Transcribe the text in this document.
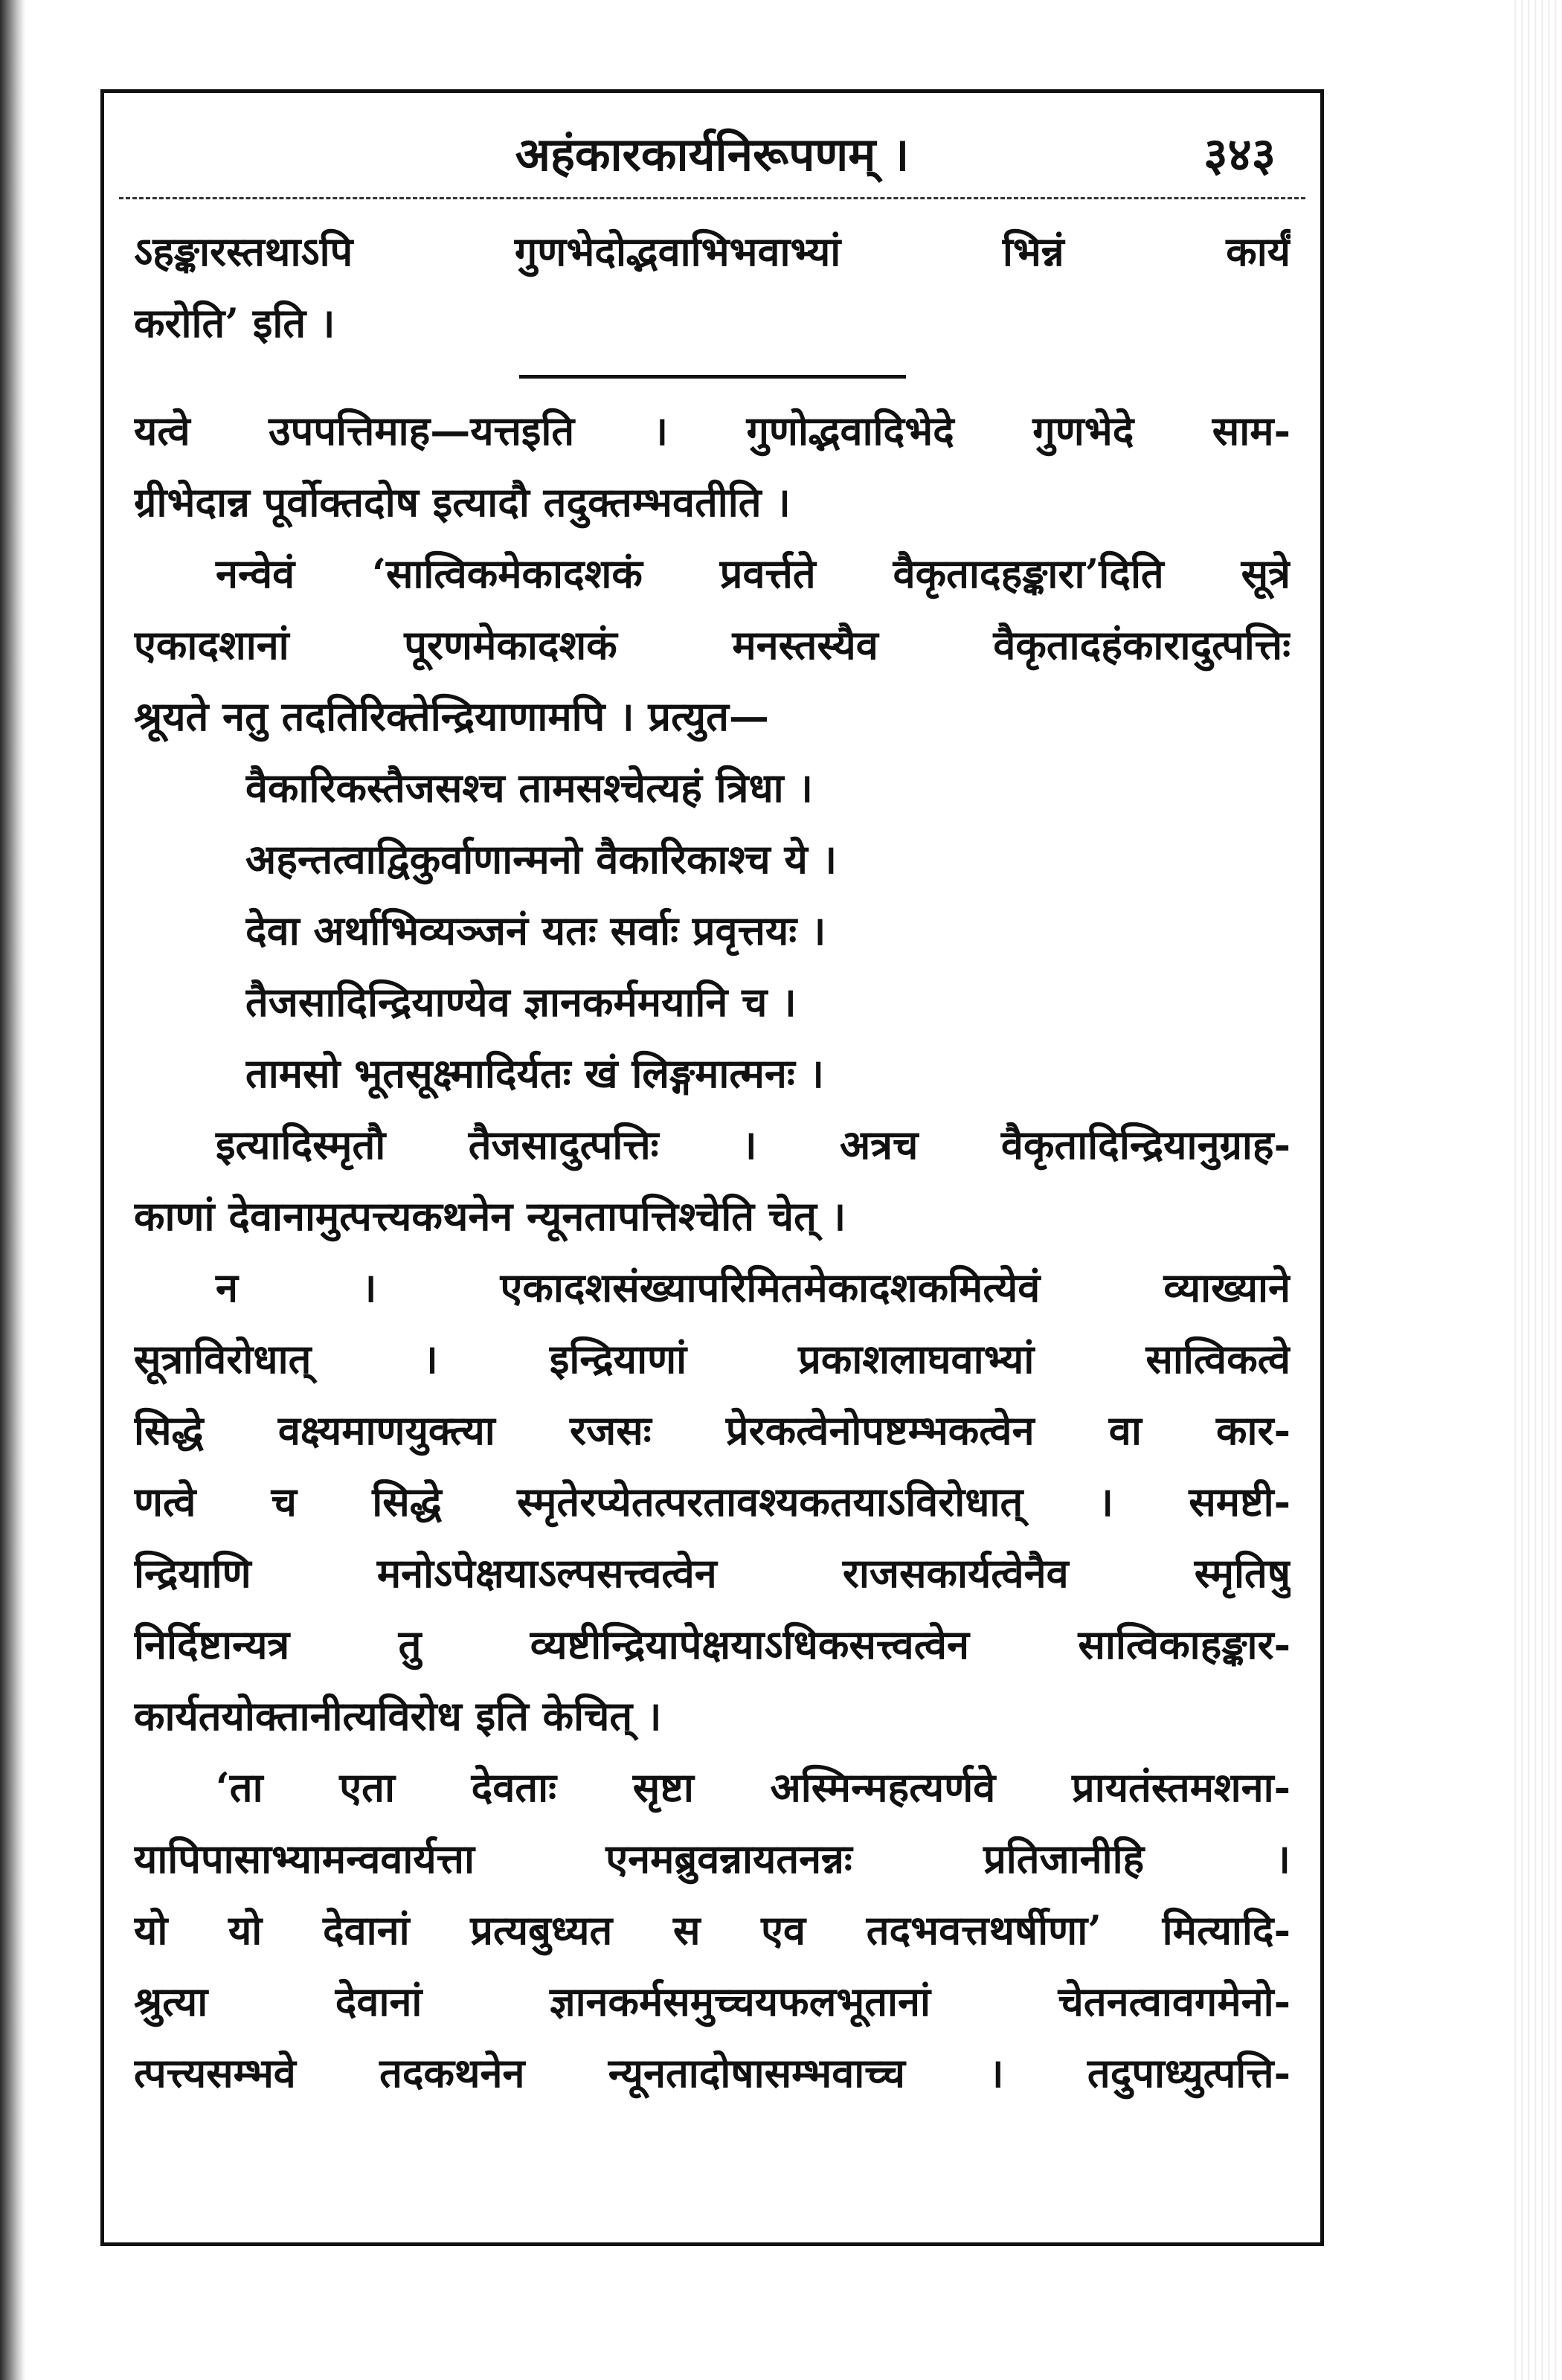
अहंकारकार्यनिरूपणम् ।	३४३
ऽहङ्कारस्तथाऽपि गुणभेदोद्भवाभिभवाभ्यां भिन्नं कार्यं
करोति’ इति ।
यत्वे उपपत्तिमाह—यत्तइति । गुणोद्भवादिभेदे गुणभेदे साम-
ग्रीभेदान्न पूर्वोक्तदोष इत्यादौ तदुक्तम्भवतीति ।
नन्वेवं ‘सात्विकमेकादशकं प्रवर्त्तते वैकृतादहङ्कारा’दिति सूत्रे
एकादशानां पूरणमेकादशकं मनस्तस्यैव वैकृतादहंकारादुत्पत्तिः
श्रूयते नतु तदतिरिक्तेन्द्रियाणामपि । प्रत्युत—
वैकारिकस्तैजसश्च तामसश्चेत्यहं त्रिधा ।
अहन्तत्वाद्विकुर्वाणान्मनो वैकारिकाश्च ये ।
देवा अर्थाभिव्यञ्जनं यतः सर्वाः प्रवृत्तयः ।
तैजसादिन्द्रियाण्येव ज्ञानकर्ममयानि च ।
तामसो भूतसूक्ष्मादिर्यतः खं लिङ्गमात्मनः ।
इत्यादिस्मृतौ तैजसादुत्पत्तिः । अत्रच वैकृतादिन्द्रियानुग्राह-
काणां देवानामुत्पत्त्यकथनेन न्यूनतापत्तिश्चेति चेत् ।
न । एकादशसंख्यापरिमितमेकादशकमित्येवं व्याख्याने
सूत्राविरोधात् । इन्द्रियाणां प्रकाशलाघवाभ्यां सात्विकत्वे
सिद्धे वक्ष्यमाणयुक्त्या रजसः प्रेरकत्वेनोपष्टम्भकत्वेन वा कार-
णत्वे च सिद्धे स्मृतेरप्येतत्परतावश्यकतयाऽविरोधात् । समष्टी-
न्द्रियाणि मनोऽपेक्षयाऽल्पसत्त्वत्वेन राजसकार्यत्वेनैव स्मृतिषु
निर्दिष्टान्यत्र तु व्यष्टीन्द्रियापेक्षयाऽधिकसत्त्वत्वेन सात्विकाहङ्कार-
कार्यतयोक्तानीत्यविरोध इति केचित् ।
‘ता एता देवताः सृष्टा अस्मिन्महत्यर्णवे प्रायतंस्तमशना-
यापिपासाभ्यामन्ववार्यत्ता एनमब्रुवन्नायतनन्नः प्रतिजानीहि ।
यो यो देवानां प्रत्यबुध्यत स एव तदभवत्तथर्षीणा’ मित्यादि-
श्रुत्या देवानां ज्ञानकर्मसमुच्चयफलभूतानां चेतनत्वावगमेनो-
त्पत्त्यसम्भवे तदकथनेन न्यूनतादोषासम्भवाच्च । तदुपाध्युत्पत्ति-
